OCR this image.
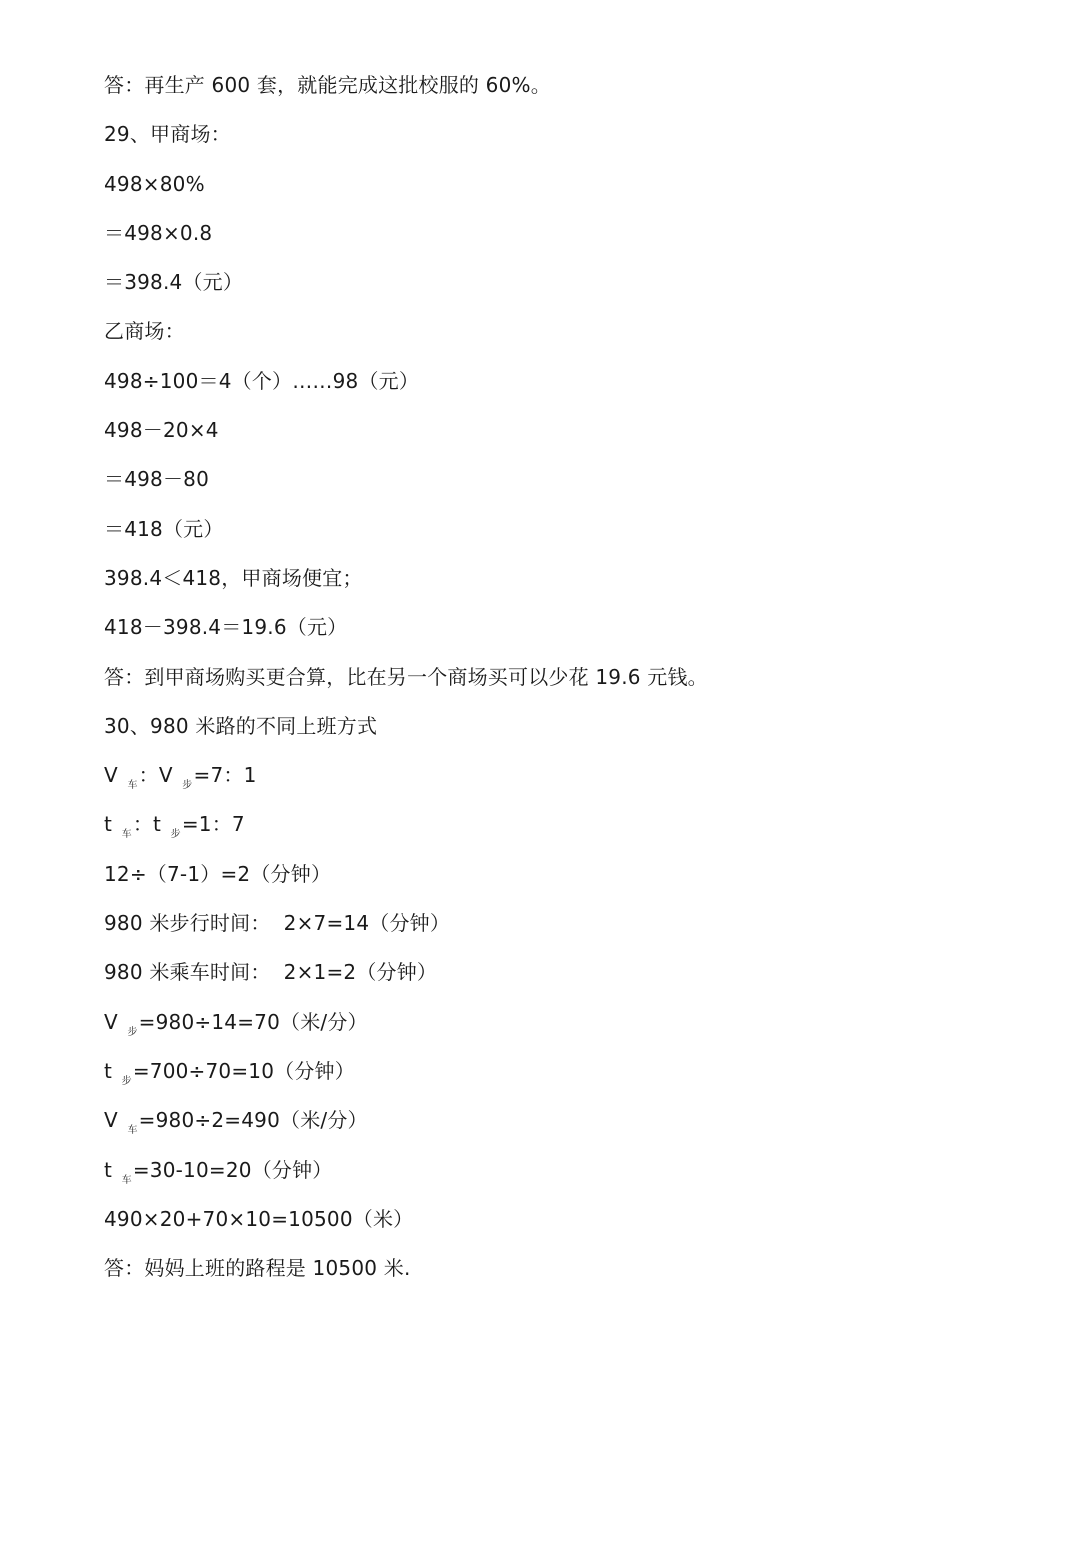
答：再生产 600 套，就能完成这批校服的 60%。
29、甲商场：
498×80%
＝498×0.8
＝398.4（元）
乙商场：
498÷100＝4（个）……98（元）
498－20×4
＝498－80
＝418（元）
398.4＜418，甲商场便宜；
418－398.4＝19.6（元）
答：到甲商场购买更合算，比在另一个商场买可以少花 19.6 元钱。
30、980 米路的不同上班方式
V $_车$：V $_步$=7：1
t $_车$：t $_步$=1：7
12÷（7-1）=2（分钟）
980 米步行时间：  2×7=14（分钟）
980 米乘车时间：  2×1=2（分钟）
V $_步$=980÷14=70（米/分）
t $_步$=700÷70=10（分钟）
V $_车$=980÷2=490（米/分）
t $_车$=30-10=20（分钟）
490×20+70×10=10500（米）
答：妈妈上班的路程是 10500 米.
